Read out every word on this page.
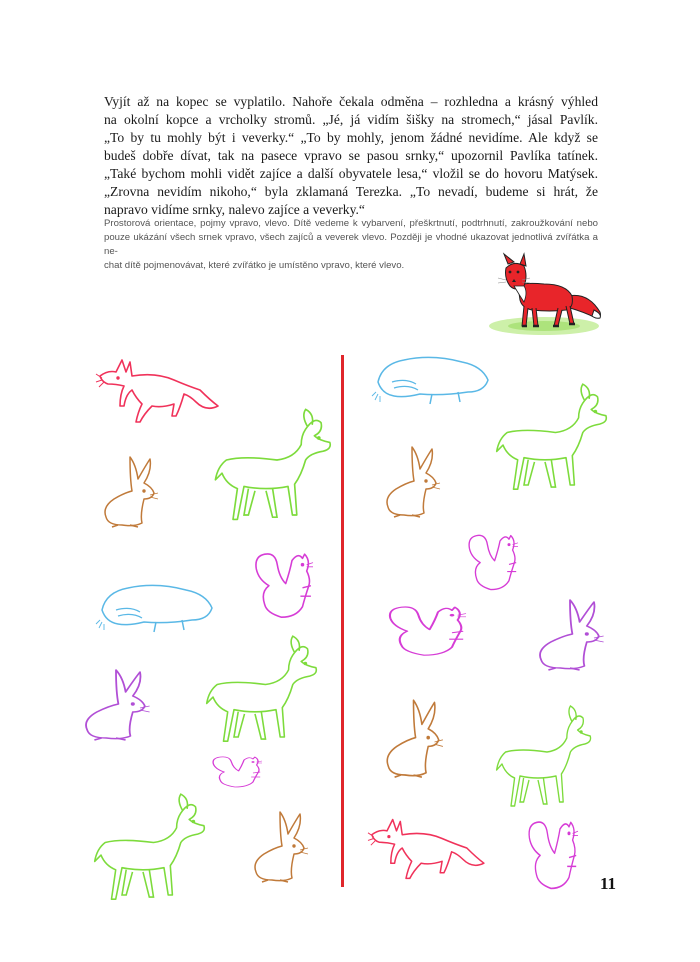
Vyjít až na kopec se vyplatilo. Nahoře čekala odměna – rozhledna a krásný výhled

na okolní kopce a vrcholky stromů. „Jé, já vidím šišky na stromech,“ jásal Pavlík.

„To by tu mohly být i veverky.“ „To by mohly, jenom žádné nevidíme. Ale když se

budeš dobře dívat, tak na pasece vpravo se pasou srnky,“ upozornil Pavlíka tatínek.

„Také bychom mohli vidět zajíce a další obyvatele lesa,“ vložil se do hovoru Matýsek.

„Zrovna nevidím nikoho,“ byla zklamaná Terezka. „To nevadí, budeme si hrát, že

napravo vidíme srnky, nalevo zajíce a veverky.“

Prostorová orientace, pojmy vpravo, vlevo. Dítě vedeme k vybarvení, přeškrtnutí, podtrhnutí, zakroužkování nebo

pouze ukázání všech srnek vpravo, všech zajíců a veverek vlevo. Později je vhodné ukazovat jednotlivá zvířátka a ne-

chat dítě pojmenovávat, které zvířátko je umístěno vpravo, které vlevo.

11
